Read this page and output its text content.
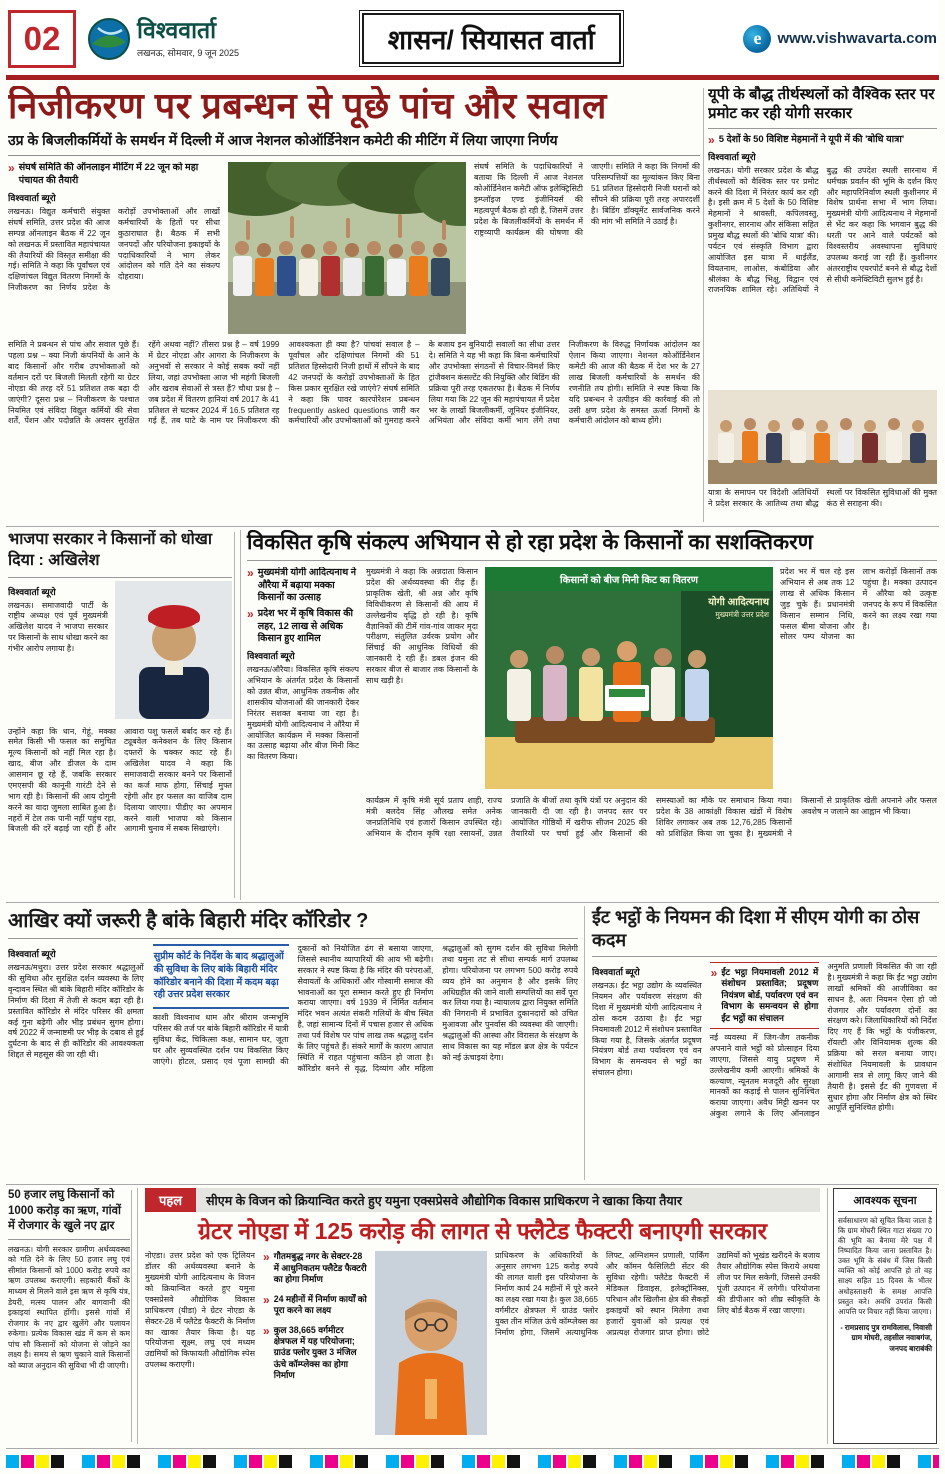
02	विश्ववार्ता
लखनऊ, सोमवार, 9 जून 2025	शासन/ सियासत वार्ता	e	www.vishwavarta.com
निजीकरण पर प्रबन्धन से पूछे पांच और सवाल
उप्र के बिजलीकर्मियों के समर्थन में दिल्ली में आज नेशनल कोऑर्डिनेशन कमेटी की मीटिंग में लिया जाएगा निर्णय
» संघर्ष समिति की ऑनलाइन मीटिंग में 22 जून को महा पंचायत की तैयारी
विश्ववार्ता ब्यूरो
लखनऊ। विद्युत कर्मचारी संयुक्त संघर्ष समिति, उत्तर प्रदेश की आज सम्पन्न ऑनलाइन बैठक में 22 जून को लखनऊ में प्रस्तावित महापंचायत की तैयारियों की विस्तृत समीक्षा की गई। समिति ने कहा कि पूर्वांचल एवं दक्षिणांचल विद्युत वितरण निगमों के निजीकरण का निर्णय प्रदेश के करोड़ों उपभोक्ताओं और लाखों कर्मचारियों के हितों पर सीधा कुठाराघात है। बैठक में सभी जनपदों और परियोजना इकाइयों के पदाधिकारियों ने भाग लेकर आंदोलन को गति देने का संकल्प दोहराया।
संघर्ष समिति के पदाधिकारियों ने बताया कि दिल्ली में आज नेशनल कोऑर्डिनेशन कमेटी ऑफ इलेक्ट्रिसिटी इम्प्लॉइज एण्ड इंजीनियर्स की महत्वपूर्ण बैठक हो रही है, जिसमें उत्तर प्रदेश के बिजलीकर्मियों के समर्थन में राष्ट्रव्यापी कार्यक्रम की घोषणा की जाएगी। समिति ने कहा कि निगमों की परिसम्पत्तियों का मूल्यांकन किए बिना 51 प्रतिशत हिस्सेदारी निजी घरानों को सौंपने की प्रक्रिया पूरी तरह अपारदर्शी है। बिडिंग डॉक्यूमेंट सार्वजनिक करने की मांग भी समिति ने उठाई है।
समिति ने प्रबन्धन से पांच और सवाल पूछे हैं। पहला प्रश्न – क्या निजी कंपनियों के आने के बाद किसानों और गरीब उपभोक्ताओं को वर्तमान दरों पर बिजली मिलती रहेगी या ग्रेटर नोएडा की तरह दरें 51 प्रतिशत तक बढ़ा दी जाएंगी? दूसरा प्रश्न – निजीकरण के पश्चात नियमित एवं संविदा विद्युत कर्मियों की सेवा शर्तें, पेंशन और पदोन्नति के अवसर सुरक्षित रहेंगे अथवा नहीं? तीसरा प्रश्न है – वर्ष 1999 में ग्रेटर नोएडा और आगरा के निजीकरण के अनुभवों से सरकार ने कोई सबक क्यों नहीं लिया, जहां उपभोक्ता आज भी महंगी बिजली और खराब सेवाओं से त्रस्त हैं? चौथा प्रश्न है – जब प्रदेश में वितरण हानियां वर्ष 2017 के 41 प्रतिशत से घटकर 2024 में 16.5 प्रतिशत रह गई हैं, तब घाटे के नाम पर निजीकरण की आवश्यकता ही क्या है? पांचवां सवाल है – पूर्वांचल और दक्षिणांचल निगमों की 51 प्रतिशत हिस्सेदारी निजी हाथों में सौंपने के बाद 42 जनपदों के करोड़ों उपभोक्ताओं के हित किस प्रकार सुरक्षित रखे जाएंगे? संघर्ष समिति ने कहा कि पावर कारपोरेशन प्रबन्धन frequently asked questions जारी कर कर्मचारियों और उपभोक्ताओं को गुमराह करने के बजाय इन बुनियादी सवालों का सीधा उत्तर दे। समिति ने यह भी कहा कि बिना कर्मचारियों और उपभोक्ता संगठनों से विचार-विमर्श किए ट्रांजैक्शन कंसल्टेंट की नियुक्ति और बिडिंग की प्रक्रिया पूरी तरह एकतरफा है। बैठक में निर्णय लिया गया कि 22 जून की महापंचायत में प्रदेश भर के लाखों बिजलीकर्मी, जूनियर इंजीनियर, अभियंता और संविदा कर्मी भाग लेंगे तथा निजीकरण के विरुद्ध निर्णायक आंदोलन का ऐलान किया जाएगा। नेशनल कोऑर्डिनेशन कमेटी की आज की बैठक में देश भर के 27 लाख बिजली कर्मचारियों के समर्थन की रणनीति तय होगी। समिति ने स्पष्ट किया कि यदि प्रबन्धन ने उत्पीड़न की कार्रवाई की तो उसी क्षण प्रदेश के समस्त ऊर्जा निगमों के कर्मचारी आंदोलन को बाध्य होंगे।
यूपी के बौद्ध तीर्थस्थलों को वैश्विक स्तर पर प्रमोट कर रही योगी सरकार
» 5 देशों के 50 विशिष्ट मेहमानों ने यूपी में की 'बोधि यात्रा'
विश्ववार्ता ब्यूरो
लखनऊ। योगी सरकार प्रदेश के बौद्ध तीर्थस्थलों को वैश्विक स्तर पर प्रमोट करने की दिशा में निरंतर कार्य कर रही है। इसी क्रम में 5 देशों के 50 विशिष्ट मेहमानों ने श्रावस्ती, कपिलवस्तु, कुशीनगर, सारनाथ और संकिसा सहित प्रमुख बौद्ध स्थलों की 'बोधि यात्रा' की। पर्यटन एवं संस्कृति विभाग द्वारा आयोजित इस यात्रा में थाईलैंड, वियतनाम, लाओस, कंबोडिया और श्रीलंका के बौद्ध भिक्षु, विद्वान एवं राजनयिक शामिल रहे। अतिथियों ने बुद्ध की उपदेश स्थली सारनाथ में धर्मचक्र प्रवर्तन की भूमि के दर्शन किए और महापरिनिर्वाण स्थली कुशीनगर में विशेष प्रार्थना सभा में भाग लिया। मुख्यमंत्री योगी आदित्यनाथ ने मेहमानों से भेंट कर कहा कि भगवान बुद्ध की धरती पर आने वाले पर्यटकों को विश्वस्तरीय अवस्थापना सुविधाएं उपलब्ध कराई जा रही हैं। कुशीनगर अंतरराष्ट्रीय एयरपोर्ट बनने से बौद्ध देशों से सीधी कनेक्टिविटी सुलभ हुई है।
यात्रा के समापन पर विदेशी अतिथियों ने प्रदेश सरकार के आतिथ्य तथा बौद्ध स्थलों पर विकसित सुविधाओं की मुक्त कंठ से सराहना की।
भाजपा सरकार ने किसानों को धोखा दिया : अखिलेश
विश्ववार्ता ब्यूरो
लखनऊ। समाजवादी पार्टी के राष्ट्रीय अध्यक्ष एवं पूर्व मुख्यमंत्री अखिलेश यादव ने भाजपा सरकार पर किसानों के साथ धोखा करने का गंभीर आरोप लगाया है।
उन्होंने कहा कि धान, गेहूं, मक्का समेत किसी भी फसल का समुचित मूल्य किसानों को नहीं मिल रहा है। खाद, बीज और डीजल के दाम आसमान छू रहे हैं, जबकि सरकार एमएसपी की कानूनी गारंटी देने से भाग रही है। किसानों की आय दोगुनी करने का वादा जुमला साबित हुआ है। नहरों में टेल तक पानी नहीं पहुंच रहा, बिजली की दरें बढ़ाई जा रही हैं और आवारा पशु फसलें बर्बाद कर रहे हैं। ट्यूबवेल कनेक्शन के लिए किसान दफ्तरों के चक्कर काट रहे हैं। अखिलेश यादव ने कहा कि समाजवादी सरकार बनने पर किसानों का कर्ज माफ होगा, सिंचाई मुफ्त रहेगी और हर फसल का वाजिब दाम दिलाया जाएगा। पीडीए का अपमान करने वाली भाजपा को किसान आगामी चुनाव में सबक सिखाएंगे।
विकसित कृषि संकल्प अभियान से हो रहा प्रदेश के किसानों का सशक्तिकरण
» मुख्यमंत्री योगी आदित्यनाथ ने औरैया में बढ़ाया मक्का किसानों का उत्साह
» प्रदेश भर में कृषि विकास की लहर, 12 लाख से अधिक किसान हुए शामिल
विश्ववार्ता ब्यूरो
लखनऊ/औरैया। विकसित कृषि संकल्प अभियान के अंतर्गत प्रदेश के किसानों को उन्नत बीज, आधुनिक तकनीक और शासकीय योजनाओं की जानकारी देकर निरंतर सशक्त बनाया जा रहा है। मुख्यमंत्री योगी आदित्यनाथ ने औरैया में आयोजित कार्यक्रम में मक्का किसानों का उत्साह बढ़ाया और बीज मिनी किट का वितरण किया।
मुख्यमंत्री ने कहा कि अन्नदाता किसान प्रदेश की अर्थव्यवस्था की रीढ़ हैं। प्राकृतिक खेती, श्री अन्न और कृषि विविधीकरण से किसानों की आय में उल्लेखनीय वृद्धि हो रही है। कृषि वैज्ञानिकों की टीमें गांव-गांव जाकर मृदा परीक्षण, संतुलित उर्वरक प्रयोग और सिंचाई की आधुनिक विधियों की जानकारी दे रही हैं। डबल इंजन की सरकार बीज से बाजार तक किसानों के साथ खड़ी है।
किसानों को बीज मिनी किट का वितरण
योगी आदित्यनाथ
मुख्यमंत्री उत्तर प्रदेश
प्रदेश भर में चल रहे इस अभियान से अब तक 12 लाख से अधिक किसान जुड़ चुके हैं। प्रधानमंत्री किसान सम्मान निधि, फसल बीमा योजना और सोलर पम्प योजना का लाभ करोड़ों किसानों तक पहुंचा है। मक्का उत्पादन में औरैया को उत्कृष्ट जनपद के रूप में विकसित करने का लक्ष्य रखा गया है।
कार्यक्रम में कृषि मंत्री सूर्य प्रताप शाही, राज्य मंत्री बलदेव सिंह औलख समेत अनेक जनप्रतिनिधि एवं हजारों किसान उपस्थित रहे। अभियान के दौरान कृषि रक्षा रसायनों, उन्नत प्रजाति के बीजों तथा कृषि यंत्रों पर अनुदान की जानकारी दी जा रही है। जनपद स्तर पर आयोजित गोष्ठियों में खरीफ सीजन 2025 की तैयारियों पर चर्चा हुई और किसानों की समस्याओं का मौके पर समाधान किया गया। प्रदेश के 38 आकांक्षी विकास खंडों में विशेष शिविर लगाकर अब तक 12,76,285 किसानों को प्रशिक्षित किया जा चुका है। मुख्यमंत्री ने किसानों से प्राकृतिक खेती अपनाने और फसल अवशेष न जलाने का आह्वान भी किया।
आखिर क्यों जरूरी है बांके बिहारी मंदिर कॉरिडोर ?
विश्ववार्ता ब्यूरो
लखनऊ/मथुरा। उत्तर प्रदेश सरकार श्रद्धालुओं की सुविधा और सुरक्षित दर्शन व्यवस्था के लिए वृन्दावन स्थित श्री बांके बिहारी मंदिर कॉरिडोर के निर्माण की दिशा में तेजी से कदम बढ़ा रही है। प्रस्तावित कॉरिडोर से मंदिर परिसर की क्षमता कई गुना बढ़ेगी और भीड़ प्रबंधन सुगम होगा। वर्ष 2022 में जन्माष्टमी पर भीड़ के दबाव से हुई दुर्घटना के बाद से ही कॉरिडोर की आवश्यकता शिद्दत से महसूस की जा रही थी।
सुप्रीम कोर्ट के निर्देश के बाद श्रद्धालुओं की सुविधा के लिए बांके बिहारी मंदिर कॉरिडोर बनाने की दिशा में कदम बढ़ा रही उत्तर प्रदेश सरकार
काशी विश्वनाथ धाम और श्रीराम जन्मभूमि परिसर की तर्ज पर बांके बिहारी कॉरिडोर में यात्री सुविधा केंद्र, चिकित्सा कक्ष, सामान घर, जूता घर और सुव्यवस्थित दर्शन पथ विकसित किए जाएंगे। होटल, प्रसाद एवं पूजा सामग्री की दुकानों को नियोजित ढंग से बसाया जाएगा, जिससे स्थानीय व्यापारियों की आय भी बढ़ेगी। सरकार ने स्पष्ट किया है कि मंदिर की परंपराओं, सेवायतों के अधिकारों और गोस्वामी समाज की भावनाओं का पूरा सम्मान करते हुए ही निर्माण कराया जाएगा। वर्ष 1939 में निर्मित वर्तमान मंदिर भवन अत्यंत संकरी गलियों के बीच स्थित है, जहां सामान्य दिनों में पचास हजार से अधिक तथा पर्व विशेष पर पांच लाख तक श्रद्धालु दर्शन के लिए पहुंचते हैं। संकरे मार्गों के कारण आपात स्थिति में राहत पहुंचाना कठिन हो जाता है। कॉरिडोर बनने से वृद्ध, दिव्यांग और महिला श्रद्धालुओं को सुगम दर्शन की सुविधा मिलेगी तथा यमुना तट से सीधा सम्पर्क मार्ग उपलब्ध होगा। परियोजना पर लगभग 500 करोड़ रुपये व्यय होने का अनुमान है और इसके लिए अधिग्रहीत की जाने वाली सम्पत्तियों का सर्वे पूरा कर लिया गया है। न्यायालय द्वारा नियुक्त समिति की निगरानी में प्रभावित दुकानदारों को उचित मुआवजा और पुनर्वास की व्यवस्था की जाएगी। श्रद्धालुओं की आस्था और विरासत के संरक्षण के साथ विकास का यह मॉडल ब्रज क्षेत्र के पर्यटन को नई ऊंचाइयां देगा।
ईंट भट्ठों के नियमन की दिशा में सीएम योगी का ठोस कदम
विश्ववार्ता ब्यूरो
लखनऊ। ईंट भट्ठा उद्योग के व्यवस्थित नियमन और पर्यावरण संरक्षण की दिशा में मुख्यमंत्री योगी आदित्यनाथ ने ठोस कदम उठाया है। ईंट भट्ठा नियमावली 2012 में संशोधन प्रस्तावित किया गया है, जिसके अंतर्गत प्रदूषण नियंत्रण बोर्ड तथा पर्यावरण एवं वन विभाग के समन्वयन से भट्ठों का संचालन होगा।
» ईंट भट्ठा नियमावली 2012 में संशोधन प्रस्तावित; प्रदूषण नियंत्रण बोर्ड, पर्यावरण एवं वन विभाग के समन्वयन से होगा ईंट भट्ठों का संचालन
नई व्यवस्था में जिग-जैग तकनीक अपनाने वाले भट्ठों को प्रोत्साहन दिया जाएगा, जिससे वायु प्रदूषण में उल्लेखनीय कमी आएगी। श्रमिकों के कल्याण, न्यूनतम मजदूरी और सुरक्षा मानकों का कड़ाई से पालन सुनिश्चित कराया जाएगा। अवैध मिट्टी खनन पर अंकुश लगाने के लिए ऑनलाइन अनुमति प्रणाली विकसित की जा रही है। मुख्यमंत्री ने कहा कि ईंट भट्ठा उद्योग लाखों श्रमिकों की आजीविका का साधन है, अतः नियमन ऐसा हो जो रोजगार और पर्यावरण दोनों का संरक्षण करे। जिलाधिकारियों को निर्देश दिए गए हैं कि भट्ठों के पंजीकरण, रॉयल्टी और विनियामक शुल्क की प्रक्रिया को सरल बनाया जाए। संशोधित नियमावली के प्रावधान आगामी सत्र से लागू किए जाने की तैयारी है। इससे ईंट की गुणवत्ता में सुधार होगा और निर्माण क्षेत्र को स्थिर आपूर्ति सुनिश्चित होगी।
50 हजार लघु किसानों को 1000 करोड़ का ऋण, गांवों में रोजगार के खुले नए द्वार
लखनऊ। योगी सरकार ग्रामीण अर्थव्यवस्था को गति देने के लिए 50 हजार लघु एवं सीमांत किसानों को 1000 करोड़ रुपये का ऋण उपलब्ध कराएगी। सहकारी बैंकों के माध्यम से मिलने वाले इस ऋण से कृषि यंत्र, डेयरी, मत्स्य पालन और बागवानी की इकाइयां स्थापित होंगी। इससे गांवों में रोजगार के नए द्वार खुलेंगे और पलायन रुकेगा। प्रत्येक विकास खंड में कम से कम पांच सौ किसानों को योजना से जोड़ने का लक्ष्य है। समय से ऋण चुकाने वाले किसानों को ब्याज अनुदान की सुविधा भी दी जाएगी।
पहल	सीएम के विजन को क्रियान्वित करते हुए यमुना एक्सप्रेसवे औद्योगिक विकास प्राधिकरण ने खाका किया तैयार
ग्रेटर नोएडा में 125 करोड़ की लागत से फ्लैटेड फैक्टरी बनाएगी सरकार
नोएडा। उत्तर प्रदेश को एक ट्रिलियन डॉलर की अर्थव्यवस्था बनाने के मुख्यमंत्री योगी आदित्यनाथ के विजन को क्रियान्वित करते हुए यमुना एक्सप्रेसवे औद्योगिक विकास प्राधिकरण (यीडा) ने ग्रेटर नोएडा के सेक्टर-28 में फ्लैटेड फैक्टरी के निर्माण का खाका तैयार किया है। यह परियोजना सूक्ष्म, लघु एवं मध्यम उद्यमियों को किफायती औद्योगिक स्पेस उपलब्ध कराएगी।
» गौतमबुद्ध नगर के सेक्टर-28 में आधुनिकतम फ्लैटेड फैक्टरी का होगा निर्माण
» 24 महीनों में निर्माण कार्यों को पूरा करने का लक्ष्य
» कुल 38,665 वर्गमीटर क्षेत्रफल में यह परियोजना; ग्राउंड फ्लोर युक्त 3 मंजिल ऊंचे कॉम्प्लेक्स का होगा निर्माण
प्राधिकरण के अधिकारियों के अनुसार लगभग 125 करोड़ रुपये की लागत वाली इस परियोजना के निर्माण कार्य 24 महीनों में पूरे करने का लक्ष्य रखा गया है। कुल 38,665 वर्गमीटर क्षेत्रफल में ग्राउंड फ्लोर युक्त तीन मंजिल ऊंचे कॉम्प्लेक्स का निर्माण होगा, जिसमें अत्याधुनिक लिफ्ट, अग्निशमन प्रणाली, पार्किंग और कॉमन फैसिलिटी सेंटर की सुविधा रहेगी। फ्लैटेड फैक्टरी में मेडिकल डिवाइस, इलेक्ट्रॉनिक्स, परिधान और खिलौना क्षेत्र की सैकड़ों इकाइयों को स्थान मिलेगा तथा हजारों युवाओं को प्रत्यक्ष एवं अप्रत्यक्ष रोजगार प्राप्त होगा। छोटे उद्यमियों को भूखंड खरीदने के बजाय तैयार औद्योगिक स्पेस किराये अथवा लीज पर मिल सकेगी, जिससे उनकी पूंजी उत्पादन में लगेगी। परियोजना की डीपीआर को शीघ्र स्वीकृति के लिए बोर्ड बैठक में रखा जाएगा।
आवश्यक सूचना
सर्वसाधारण को सूचित किया जाता है कि ग्राम मोघरी स्थित गाटा संख्या 70 की भूमि का बैनामा मेरे पक्ष में निष्पादित किया जाना प्रस्तावित है। उक्त भूमि के संबंध में जिस किसी व्यक्ति को कोई आपत्ति हो तो वह साक्ष्य सहित 15 दिवस के भीतर अधोहस्ताक्षरी के समक्ष आपत्ति प्रस्तुत करे। अवधि उपरांत किसी आपत्ति पर विचार नहीं किया जाएगा।
- रामप्रसाद पुत्र रामविलास, निवासी ग्राम मोघरी, तहसील नवाबगंज, जनपद बाराबंकी
